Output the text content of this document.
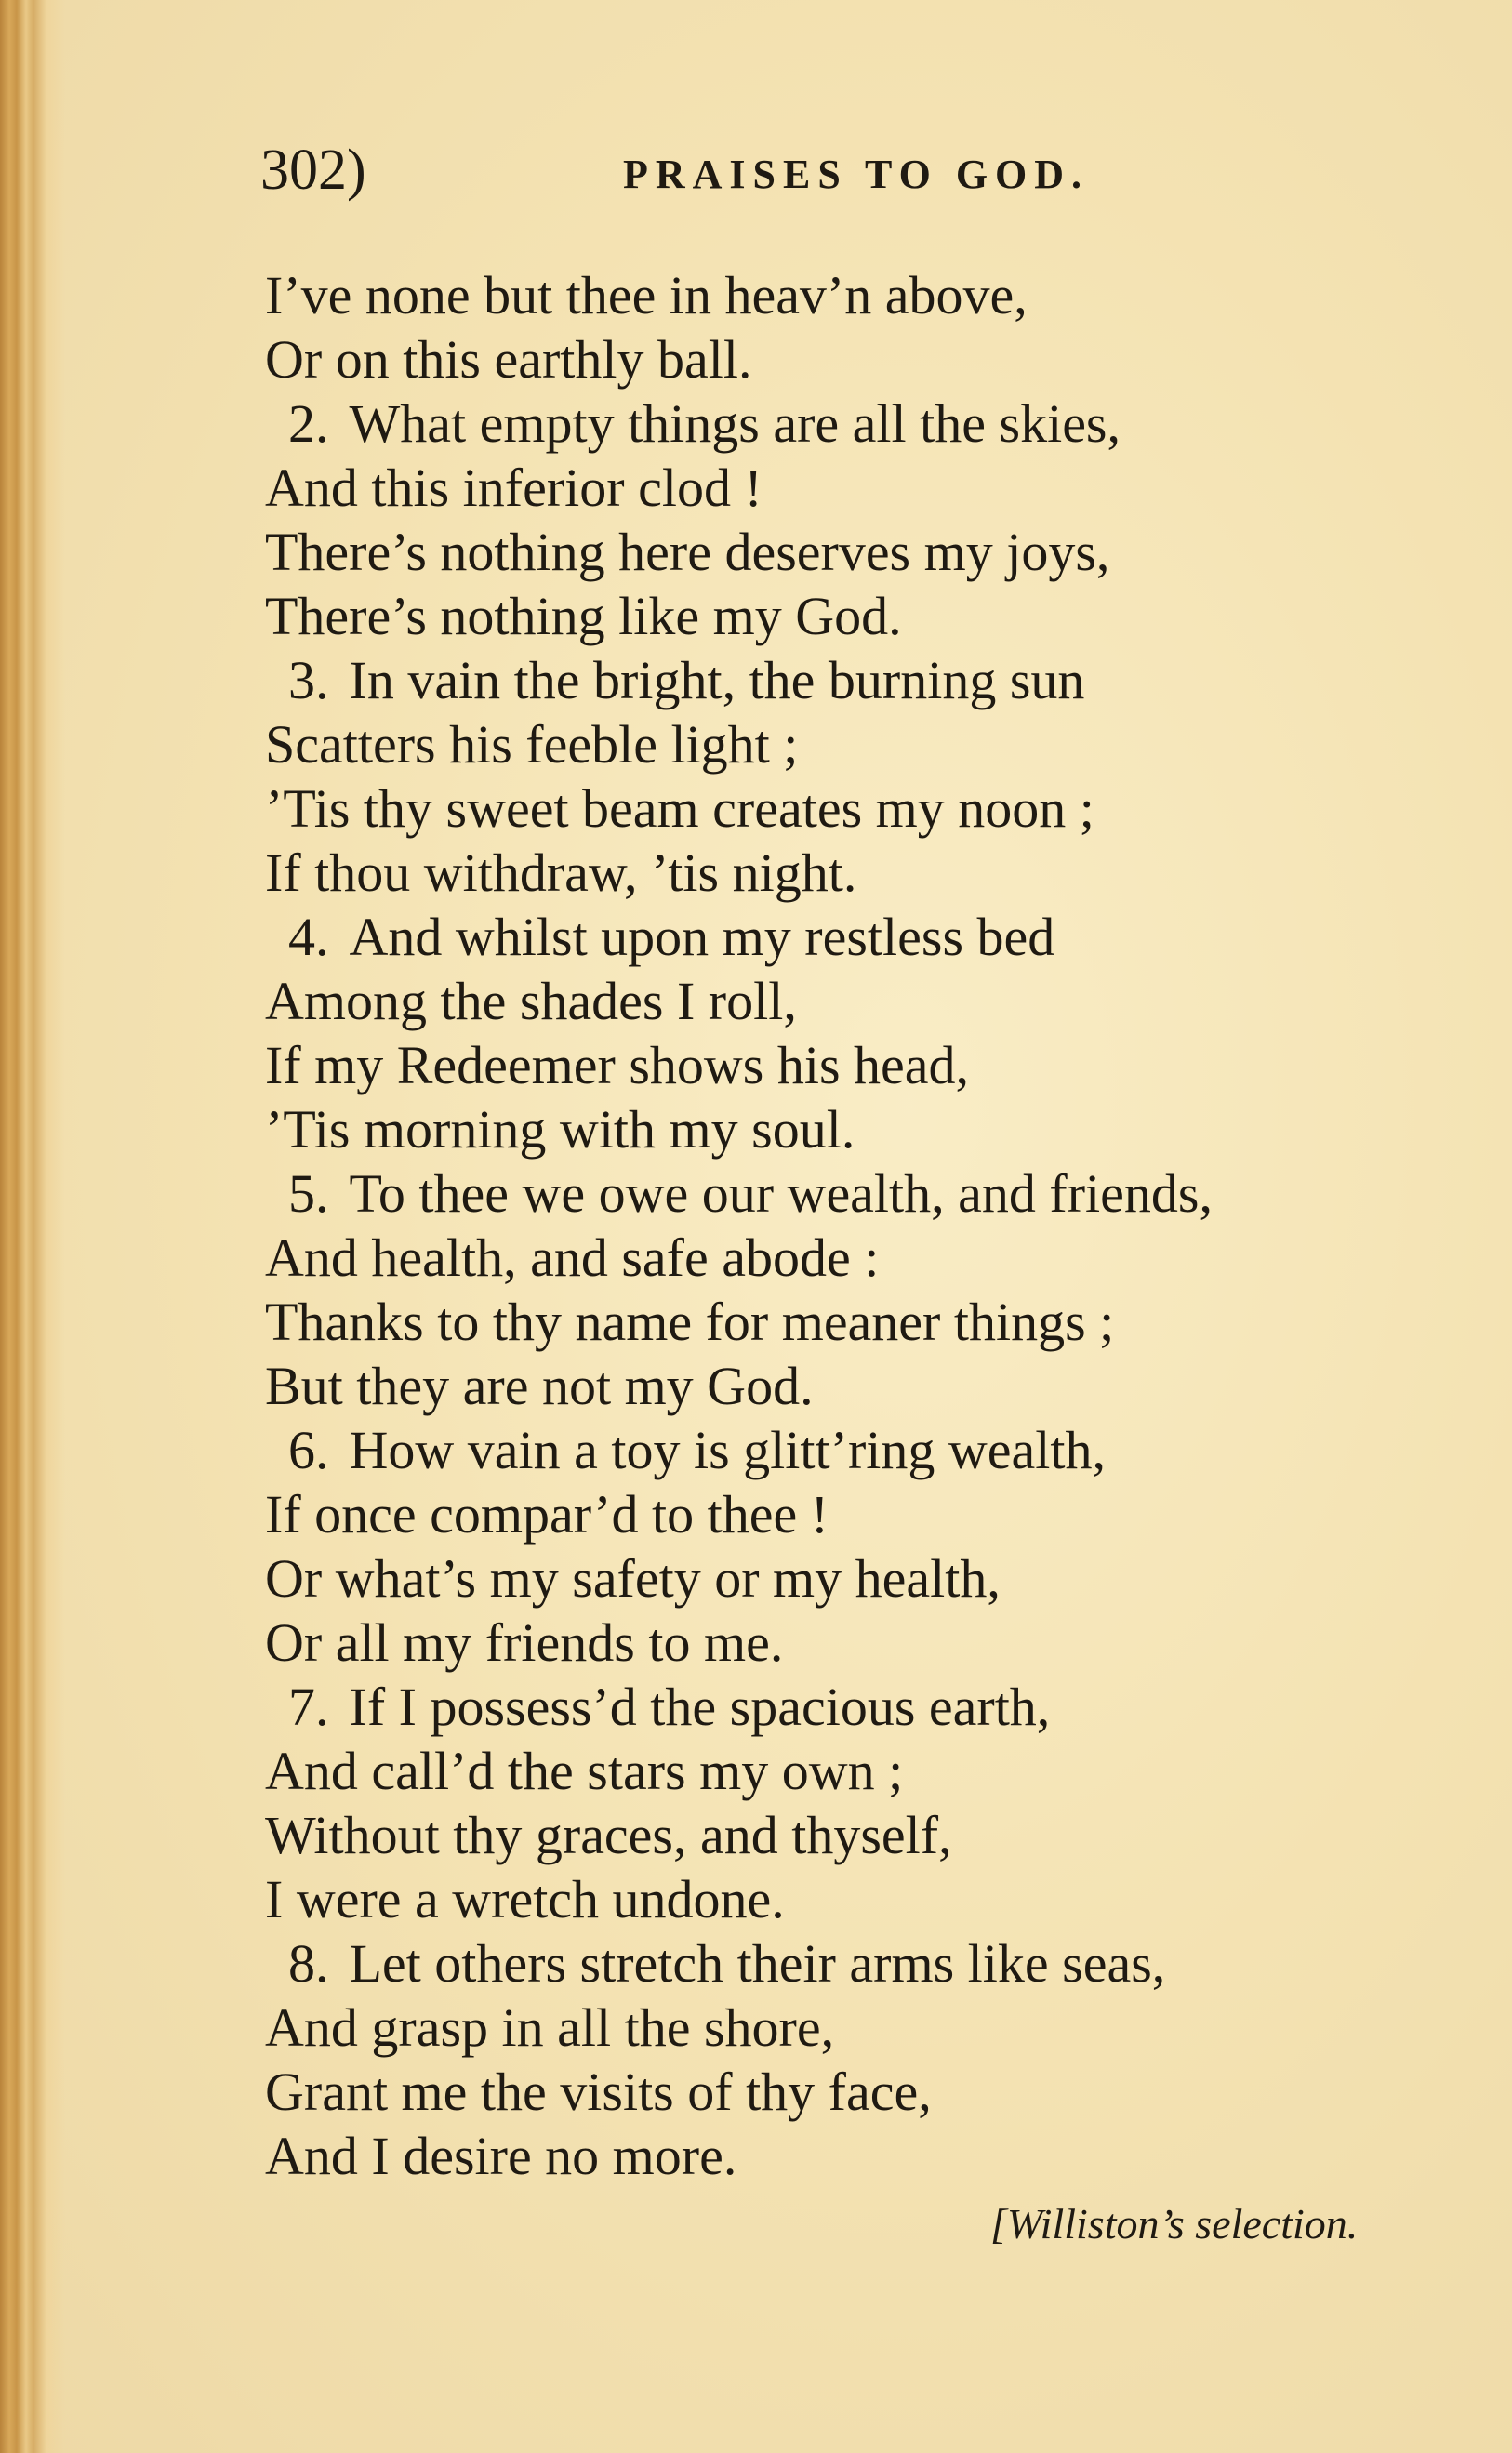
302)	PRAISES TO GOD.
I’ve none but thee in heav’n above,
Or on this earthly ball.
2. What empty things are all the skies,
And this inferior clod !
There’s nothing here deserves my joys,
There’s nothing like my God.
3. In vain the bright, the burning sun
Scatters his feeble light ;
’Tis thy sweet beam creates my noon ;
If thou withdraw, ’tis night.
4. And whilst upon my restless bed
Among the shades I roll,
If my Redeemer shows his head,
’Tis morning with my soul.
5. To thee we owe our wealth, and friends,
And health, and safe abode :
Thanks to thy name for meaner things ;
But they are not my God.
6. How vain a toy is glitt’ring wealth,
If once compar’d to thee !
Or what’s my safety or my health,
Or all my friends to me.
7. If I possess’d the spacious earth,
And call’d the stars my own ;
Without thy graces, and thyself,
I were a wretch undone.
8. Let others stretch their arms like seas,
And grasp in all the shore,
Grant me the visits of thy face,
And I desire no more.
[Williston’s selection.
